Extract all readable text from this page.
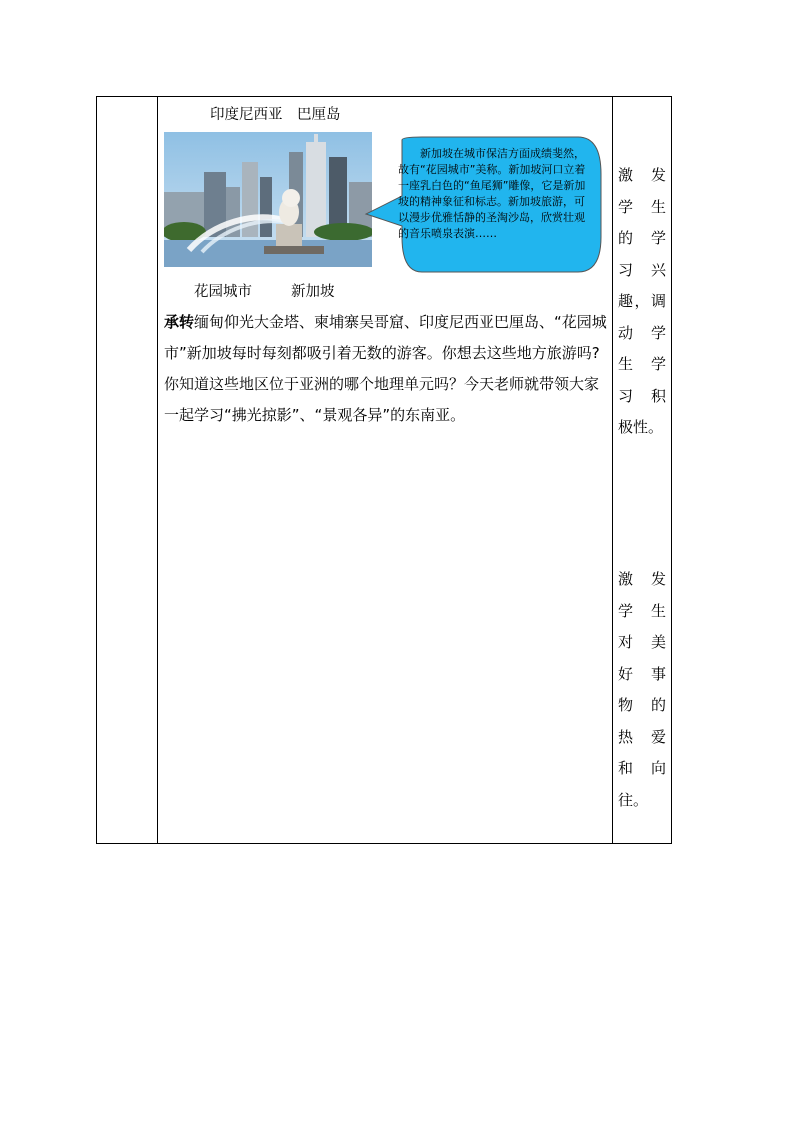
印度尼西亚　巴厘岛
新加坡在城市保洁方面成绩斐然，故有“花园城市”美称。新加坡河口立着一座乳白色的“鱼尾狮”雕像，它是新加坡的精神象征和标志。新加坡旅游，可以漫步优雅恬静的圣淘沙岛，欣赏壮观的音乐喷泉表演……
花园城市	新加坡
承转缅甸仰光大金塔、柬埔寨吴哥窟、印度尼西亚巴厘岛、“花园城市”新加坡每时每刻都吸引着无数的游客。你想去这些地方旅游吗?你知道这些地区位于亚洲的哪个地理单元吗？今天老师就带领大家一起学习“拂光掠影”、“景观各异”的东南亚。
激　发
学　生
的　学
习　兴
趣，调
动　学
生　学
习　积
极性。
激　发
学　生
对　美
好　事
物　的
热　爱
和　向
往。
